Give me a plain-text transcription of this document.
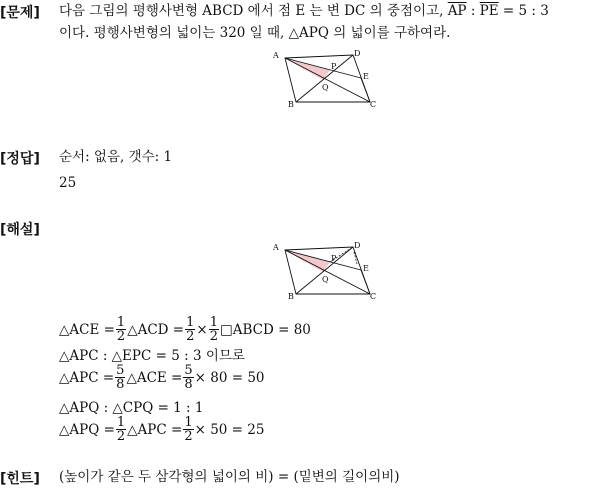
[문제] 다음 그림의 평행사변형 ABCD 에서 점 E 는 변 DC 의 중점이고, $\overline{AP}$ : $\overline{PE} = 5$ : 3
이다. 평행사변형의 넓이는 320 일 때, △APQ 의 넓이를 구하여라.
A	D
P
E
Q
B	C
[정답] 순서: 없음, 갯수: 1
25
[해설]
A	D
P
E
Q
B	C
△ACE = $\frac{1}{2}$ △ACD = $\frac{1}{2} \times \frac{1}{2}$ □ABCD = 80
△APC : △EPC = 5 : 3 이므로
△APC = $\frac{5}{8}$ △ACE = $\frac{5}{8} \times 80 = 50$
△APQ : △CPQ = 1 : 1
△APQ = $\frac{1}{2}$ △APC = $\frac{1}{2} \times 50 = 25$
[힌트] (높이가 같은 두 삼각형의 넓이의 비) = (밑변의 길이의비)
